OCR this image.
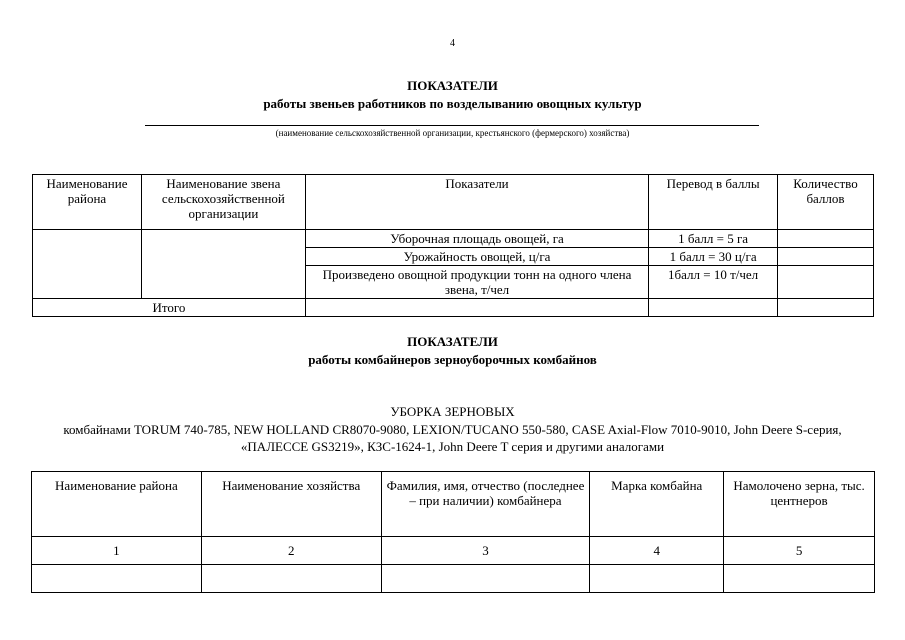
4
ПОКАЗАТЕЛИ
работы звеньев работников по возделыванию овощных культур
(наименование сельскохозяйственной организации, крестьянского (фермерского) хозяйства)
Наименование района	Наименование звена сельскохозяйственной организации	Показатели	Перевод в баллы	Количество баллов
		Уборочная площадь овощей, га	1 балл = 5 га	
		Урожайность овощей, ц/га	1 балл = 30 ц/га	
		Произведено овощной продукции тонн на одного члена звена, т/чел	1балл = 10 т/чел	
Итого				
ПОКАЗАТЕЛИ
работы комбайнеров зерноуборочных комбайнов
УБОРКА ЗЕРНОВЫХ
комбайнами TORUM 740-785, NEW HOLLAND CR8070-9080, LEXION/TUCANO 550-580, CASE Axial-Flow 7010-9010, John Deere S-серия, «ПАЛЕССЕ GS3219», КЗС-1624-1, John Deere T серия и другими аналогами
Наименование района	Наименование хозяйства	Фамилия, имя, отчество (последнее – при наличии) комбайнера	Марка комбайна	Намолочено зерна, тыс. центнеров
1	2	3	4	5
